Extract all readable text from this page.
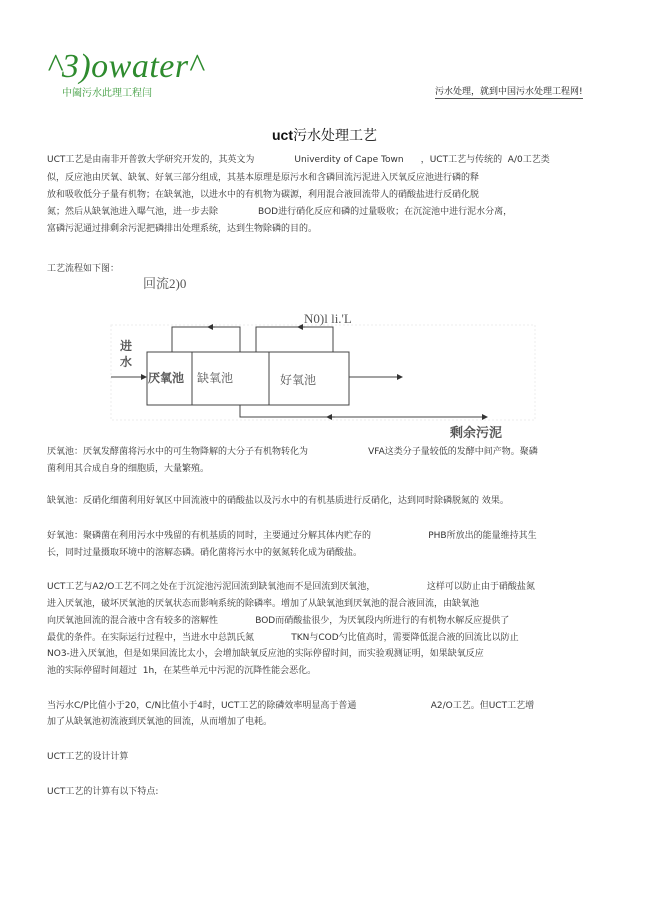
^3)owater^
中阖污水此理工程闫	污水处理，就到中国污水处理工程网!
uct污水处理工艺
UCT工艺是由南非开普敦大学研究开发的，其英文为              Univerdity of Cape Town      ，UCT工艺与传统的  A/0工艺类
似，反应池由厌氧、缺氧、好氧三部分组成，其基本原理是原污水和含磷回流污泥进入厌氧反应池进行磷的释
放和吸收低分子量有机物；在缺氧池，以进水中的有机物为碳源，利用混合液回流带人的硝酸盐进行反硝化脱
氮；然后从缺氧池进入曝气池，进一步去除              BOD进行硝化反应和磷的过量吸收；在沉淀池中进行泥水分离，
富磷污泥通过排剩余污泥把磷排出处理系统，达到生物除磷的目的。
工艺流程如下图：
回流2)0
N0)l li.'L
进水
厌氧池 缺氧池	好氧池
剩余污泥
厌氧池：厌氧发酵菌将污水中的可生物降解的大分子有机物转化为                     VFA这类分子量较低的发酵中间产物。聚磷
菌利用其合成自身的细胞质，大量繁殖。
缺氧池：反硝化细菌利用好氧区中回流液中的硝酸盐以及污水中的有机基质进行反硝化，达到同时除磷脱氮的 效果。
好氧池：聚磷菌在利用污水中残留的有机基质的同时，主要通过分解其体内贮存的                    PHB所放出的能量维持其生
长，同时过量摄取环境中的溶解态磷。硝化菌将污水中的氨氮转化成为硝酸盐。
UCT工艺与A2/O工艺不同之处在于沉淀池污泥回流到缺氧池而不是回流到厌氧池，                  这样可以防止由于硝酸盐氮
进入厌氧池，破坏厌氧池的厌氧状态而影响系统的除磷率。增加了从缺氧池到厌氧池的混合液回流，由缺氧池
向厌氧池回流的混合液中含有较多的溶解性             BOD而硝酸盐很少，为厌氧段内所进行的有机物水解反应提供了
最优的条件。在实际运行过程中，当进水中总凯氏氮             TKN与COD勺比值高时，需要降低混合液的回流比以防止
NO3-进入厌氧池，但是如果回流比太小，会增加缺氧反应池的实际停留时间，而实验观测证明，如果缺氧反应
池的实际停留时间超过  1h，在某些单元中污泥的沉降性能会恶化。
当污水C/P比值小于20，C/N比值小于4时，UCT工艺的除磷效率明显高于普通                          A2/O工艺。但UCT工艺增
加了从缺氧池初流液到厌氧池的回流，从而增加了电耗。
UCT工艺的设计计算
UCT工艺的计算有以下特点:
